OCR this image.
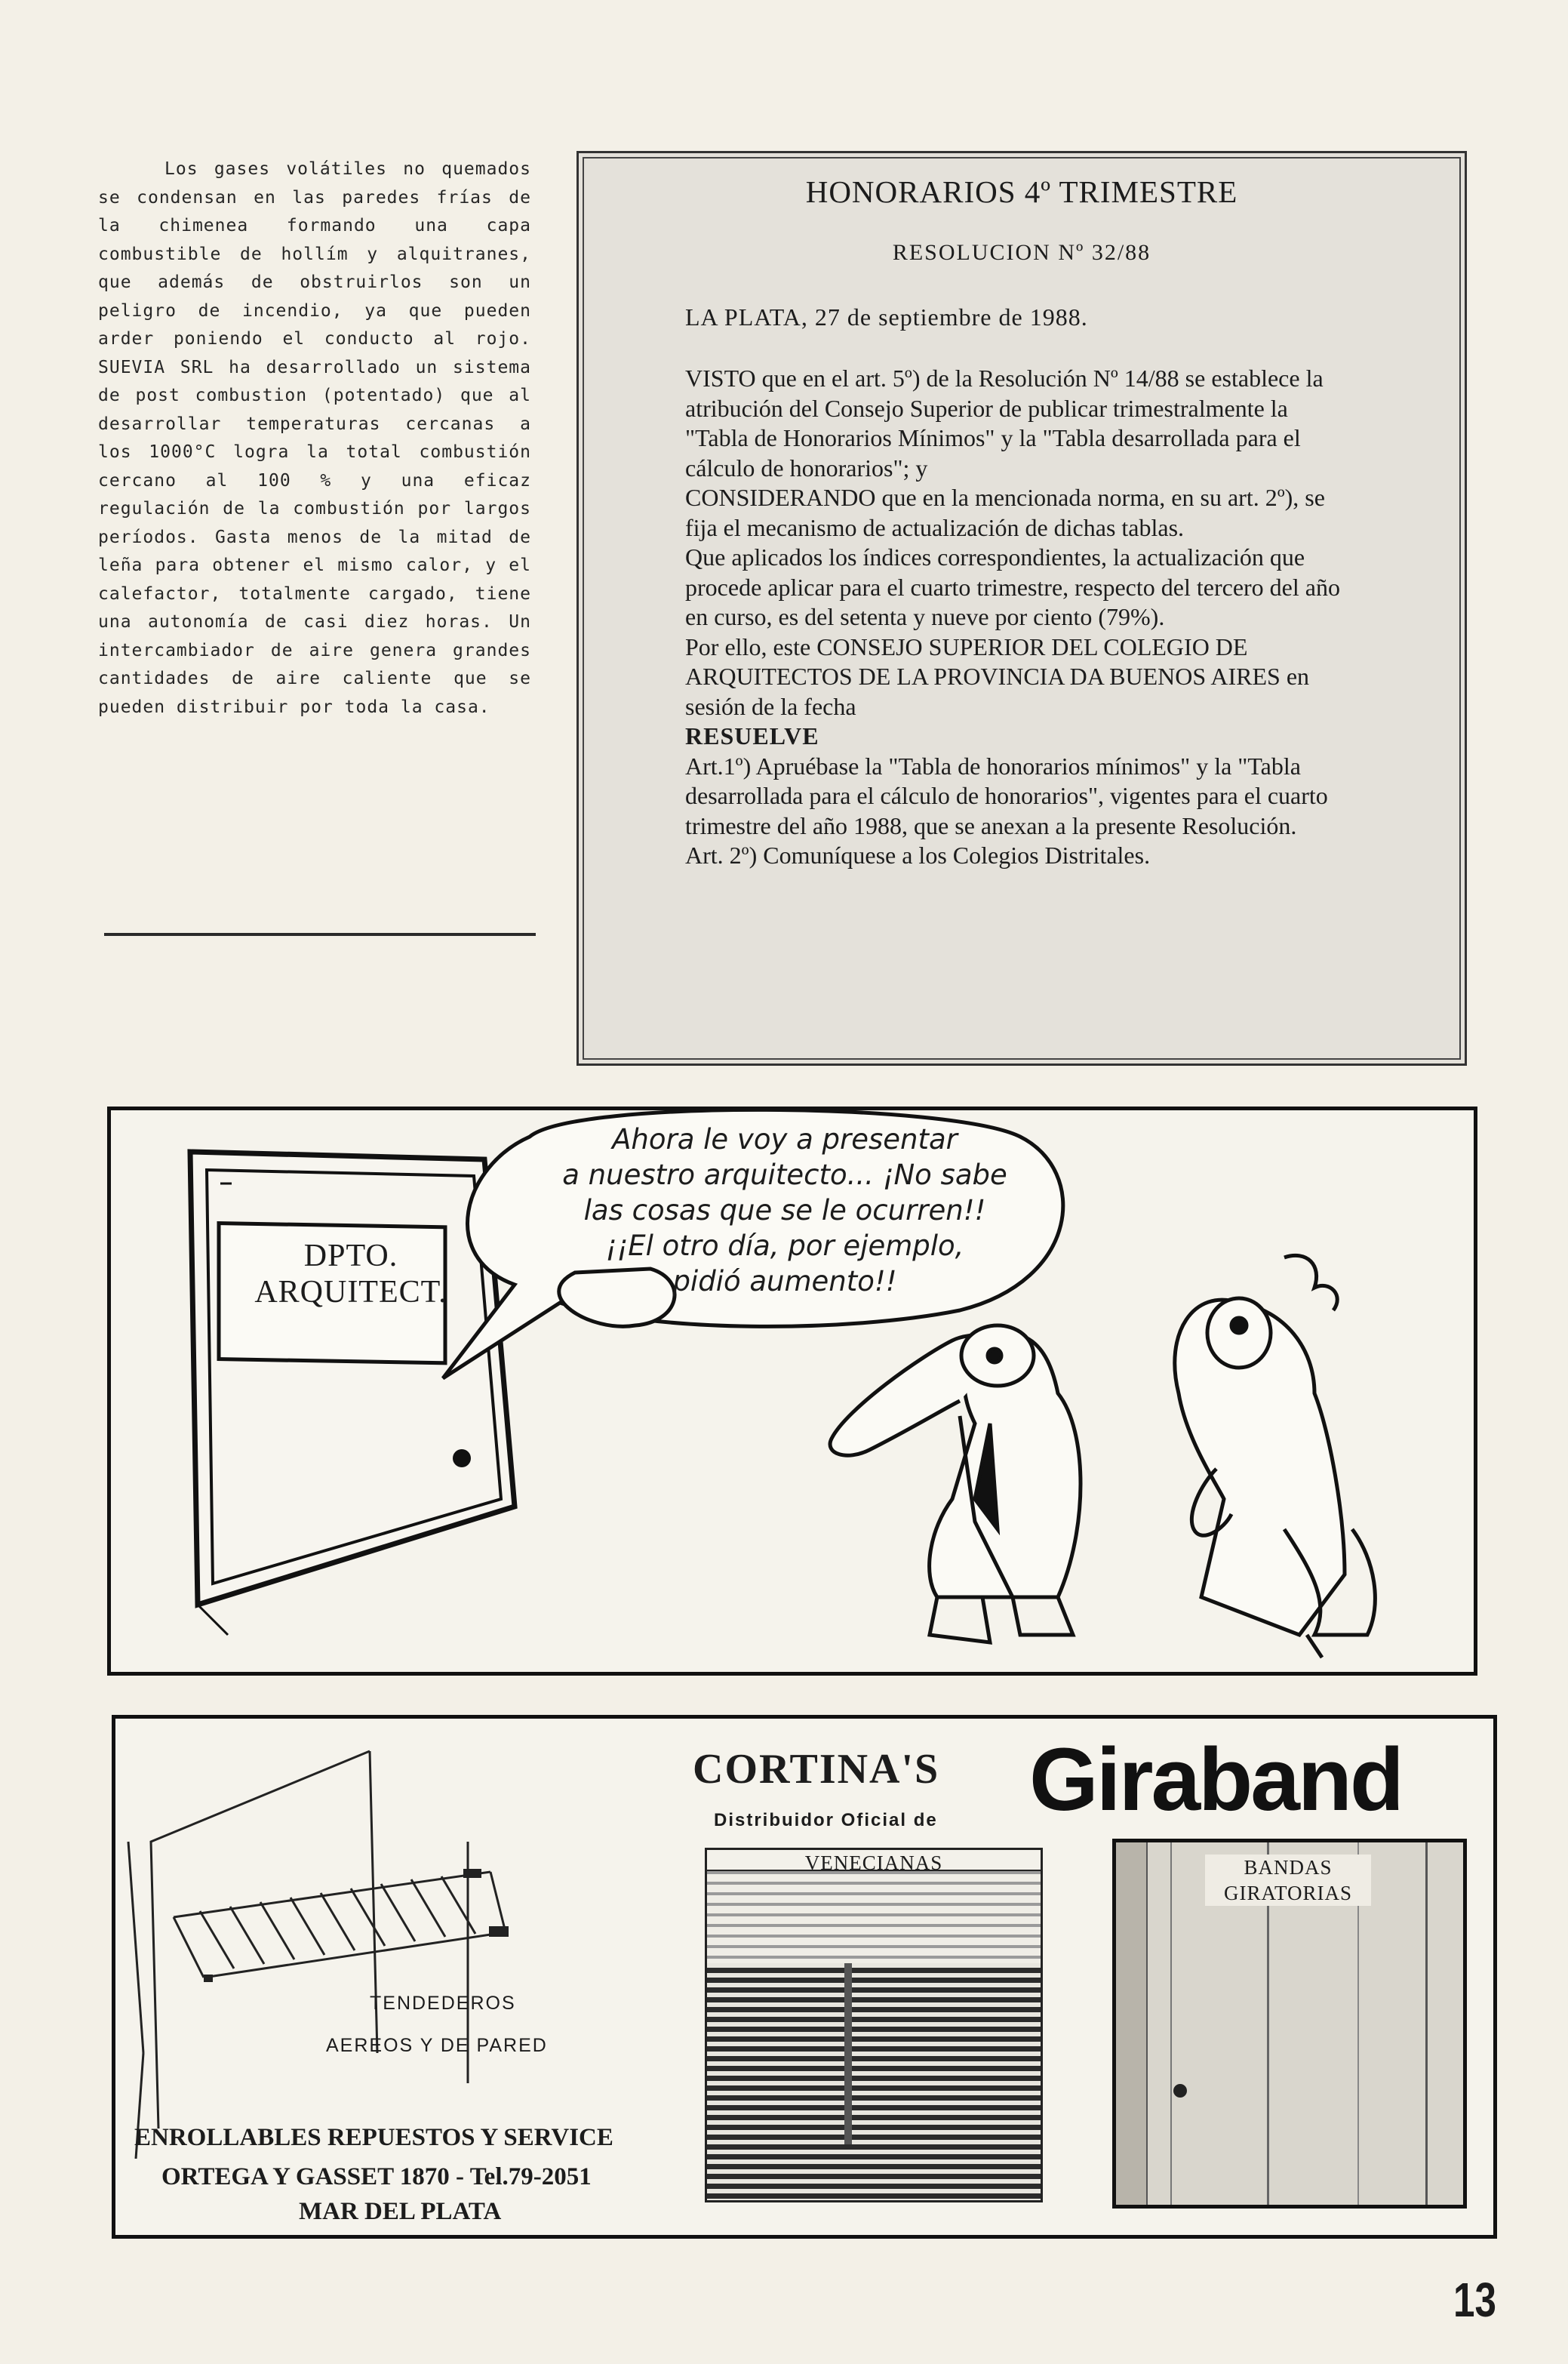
Los gases volátiles no quemados se condensan en las paredes frías de la chimenea formando una capa combustible de hollím y alquitranes, que además de obstruirlos son un peligro de incendio, ya que pueden arder poniendo el conducto al rojo. SUEVIA SRL ha desarrollado un sistema de post combustion (potentado) que al desarrollar temperaturas cercanas a los 1000°C logra la total combustión cercano al 100 % y una eficaz regulación de la combustión por largos períodos. Gasta menos de la mitad de leña para obtener el mismo calor, y el calefactor, totalmente cargado, tiene una autonomía de casi diez horas. Un intercambiador de aire genera grandes cantidades de aire caliente que se pueden distribuir por toda la casa.
HONORARIOS 4º TRIMESTRE
RESOLUCION Nº 32/88
LA PLATA, 27 de septiembre de 1988.

VISTO que en el art. 5º) de la Resolución Nº 14/88 se establece la atribución del Consejo Superior de publicar trimestralmente la "Tabla de Honorarios Mínimos" y la "Tabla desarrollada para el cálculo de honorarios"; y

CONSIDERANDO que en la mencionada norma, en su art. 2º), se fija el mecanismo de actualización de dichas tablas.

Que aplicados los índices correspondientes, la actualización que procede aplicar para el cuarto trimestre, respecto del tercero del año en curso, es del setenta y nueve por ciento (79%).

Por ello, este CONSEJO SUPERIOR DEL COLEGIO DE ARQUITECTOS DE LA PROVINCIA DA BUENOS AIRES en sesión de la fecha

RESUELVE

Art.1º) Apruébase la "Tabla de honorarios mínimos" y la "Tabla desarrollada para el cálculo de honorarios", vigentes para el cuarto trimestre del año 1988, que se anexan a la presente Resolución.

Art. 2º) Comuníquese a los Colegios Distritales.

DPTO.
ARQUITECT.
Ahora le voy a presentar
a nuestro arquitecto... ¡No sabe
las cosas que se le ocurren!!
¡¡El otro día, por ejemplo,
pidió aumento!!
TENDEDEROS
AEREOS Y DE PARED
CORTINA'S
Distribuidor Oficial de Giraband
VENECIANAS	BANDAS
GIRATORIAS
ENROLLABLES REPUESTOS Y SERVICE
ORTEGA Y GASSET 1870 - Tel.79-2051
MAR DEL PLATA
13
